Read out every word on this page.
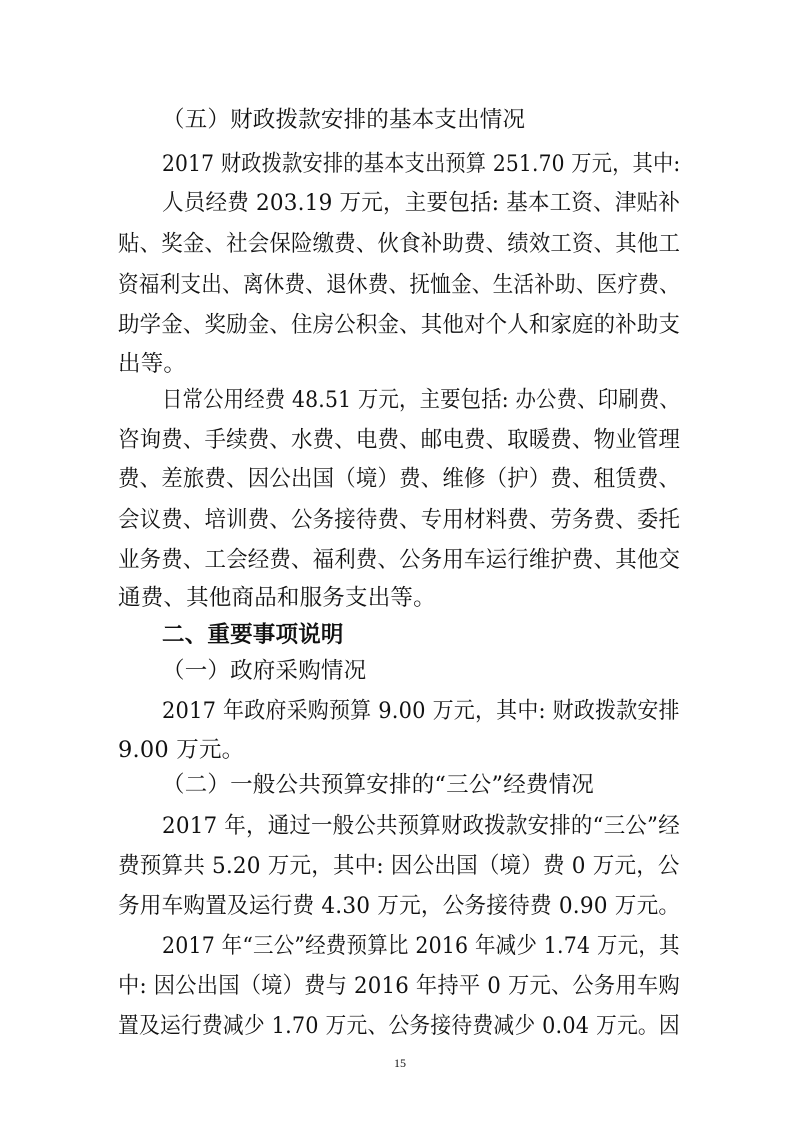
（五）财政拨款安排的基本支出情况
2017 财政拨款安排的基本支出预算 251.70 万元，其中:
人员经费 203.19 万元，主要包括: 基本工资、津贴补
贴、奖金、社会保险缴费、伙食补助费、绩效工资、其他工
资福利支出、离休费、退休费、抚恤金、生活补助、医疗费、
助学金、奖励金、住房公积金、其他对个人和家庭的补助支
出等。
日常公用经费 48.51 万元，主要包括: 办公费、印刷费、
咨询费、手续费、水费、电费、邮电费、取暖费、物业管理
费、差旅费、因公出国（境）费、维修（护）费、租赁费、
会议费、培训费、公务接待费、专用材料费、劳务费、委托
业务费、工会经费、福利费、公务用车运行维护费、其他交
通费、其他商品和服务支出等。
二、重要事项说明
（一）政府采购情况
2017 年政府采购预算 9.00 万元，其中: 财政拨款安排
9.00 万元。
（二）一般公共预算安排的“三公”经费情况
2017 年，通过一般公共预算财政拨款安排的“三公”经
费预算共 5.20 万元，其中: 因公出国（境）费 0 万元，公
务用车购置及运行费 4.30 万元，公务接待费 0.90 万元。
2017 年“三公”经费预算比 2016 年减少 1.74 万元，其
中: 因公出国（境）费与 2016 年持平 0 万元、公务用车购
置及运行费减少 1.70 万元、公务接待费减少 0.04 万元。因
15
